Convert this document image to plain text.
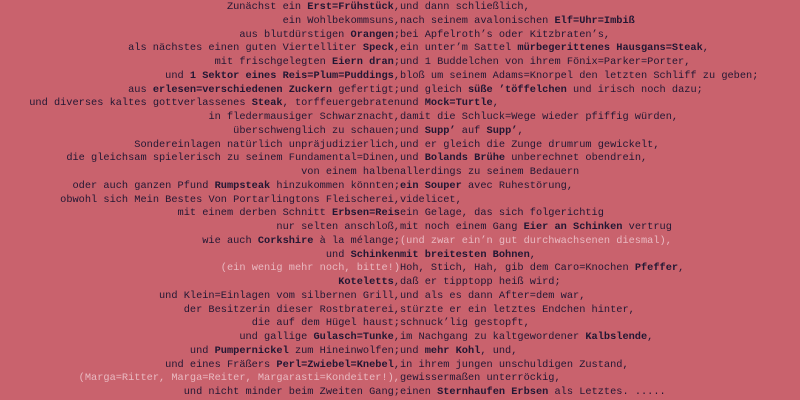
Zunächst ein Erst=Frühstück, und dann schließlich,
ein Wohlbekommsuns, nach seinem avalonischen Elf=Uhr=Imbiß
aus blutdürstigen Orangen; bei Apfelroth’s oder Kitzbraten’s,
als nächstes einen guten Viertelliter Speck, ein unter’m Sattel mürbegerittenes Hausgans=Steak,
mit frischgelegten Eiern dran; und 1 Buddelchen von ihrem Fönix=Parker=Porter,
und 1 Sektor eines Reis=Plum=Puddings, bloß um seinem Adams=Knorpel den letzten Schliff zu geben;
aus erlesen=verschiedenen Zuckern gefertigt; und gleich süße ’töffelchen und irisch noch dazu;
und diverses kaltes gottverlassenes Steak, torffeuergebraten und Mock=Turtle,
in fledermausiger Schwarznacht, damit die Schluck=Wege wieder pfiffig würden,
überschwenglich zu schauen; und Supp’ auf Supp’,
Sondereinlagen natürlich unpräjudizierlich, und er gleich die Zunge drumrum gewickelt,
die gleichsam spielerisch zu seinem Fundamental=Dinen, und Bolands Brühe unberechnet obendrein,
von einem halben allerdings zu seinem Bedauern
oder auch ganzen Pfund Rumpsteak hinzukommen könnten; ein Souper avec Ruhestörung,
obwohl sich Mein Bestes Von Portarlingtons Fleischerei, videlicet,
mit einem derben Schnitt Erbsen=Reis ein Gelage, das sich folgerichtig
nur selten anschloß, mit noch einem Gang Eier an Schinken vertrug
wie auch Corkshire à la mélange; (und zwar ein’n gut durchwachsenen diesmal),
und Schinken mit breitesten Bohnen,
(ein wenig mehr noch, bitte!) Hoh, Stich, Hah, gib dem Caro=Knochen Pfeffer,
Koteletts, daß er tipptopp heiß wird;
und Klein=Einlagen vom silbernen Grill, und als es dann After=dem war,
der Besitzerin dieser Rostbraterei, stürzte er ein letztes Endchen hinter,
die auf dem Hügel haust; schnuck’lig gestopft,
und gallige Gulasch=Tunke, im Nachgang zu kaltgewordener Kalbslende,
und Pumpernickel zum Hineinwolfen; und mehr Kohl, und,
und eines Fräßers Perl=Zwiebel=Knebel, in ihrem jungen unschuldigen Zustand,
(Marga=Ritter, Marga=Reiter, Margarasti=Kondeiter!), gewissermaßen unterröckig,
und nicht minder beim Zweiten Gang; einen Sternhaufen Erbsen als Letztes. .....
